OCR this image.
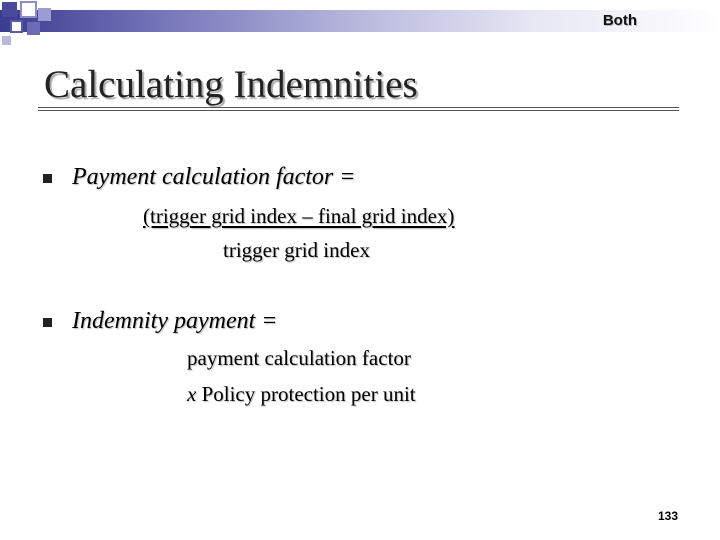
Both
Calculating Indemnities
Payment calculation factor =
(trigger grid index – final grid index)
trigger grid index
Indemnity payment =
payment calculation factor
x Policy protection per unit
133
